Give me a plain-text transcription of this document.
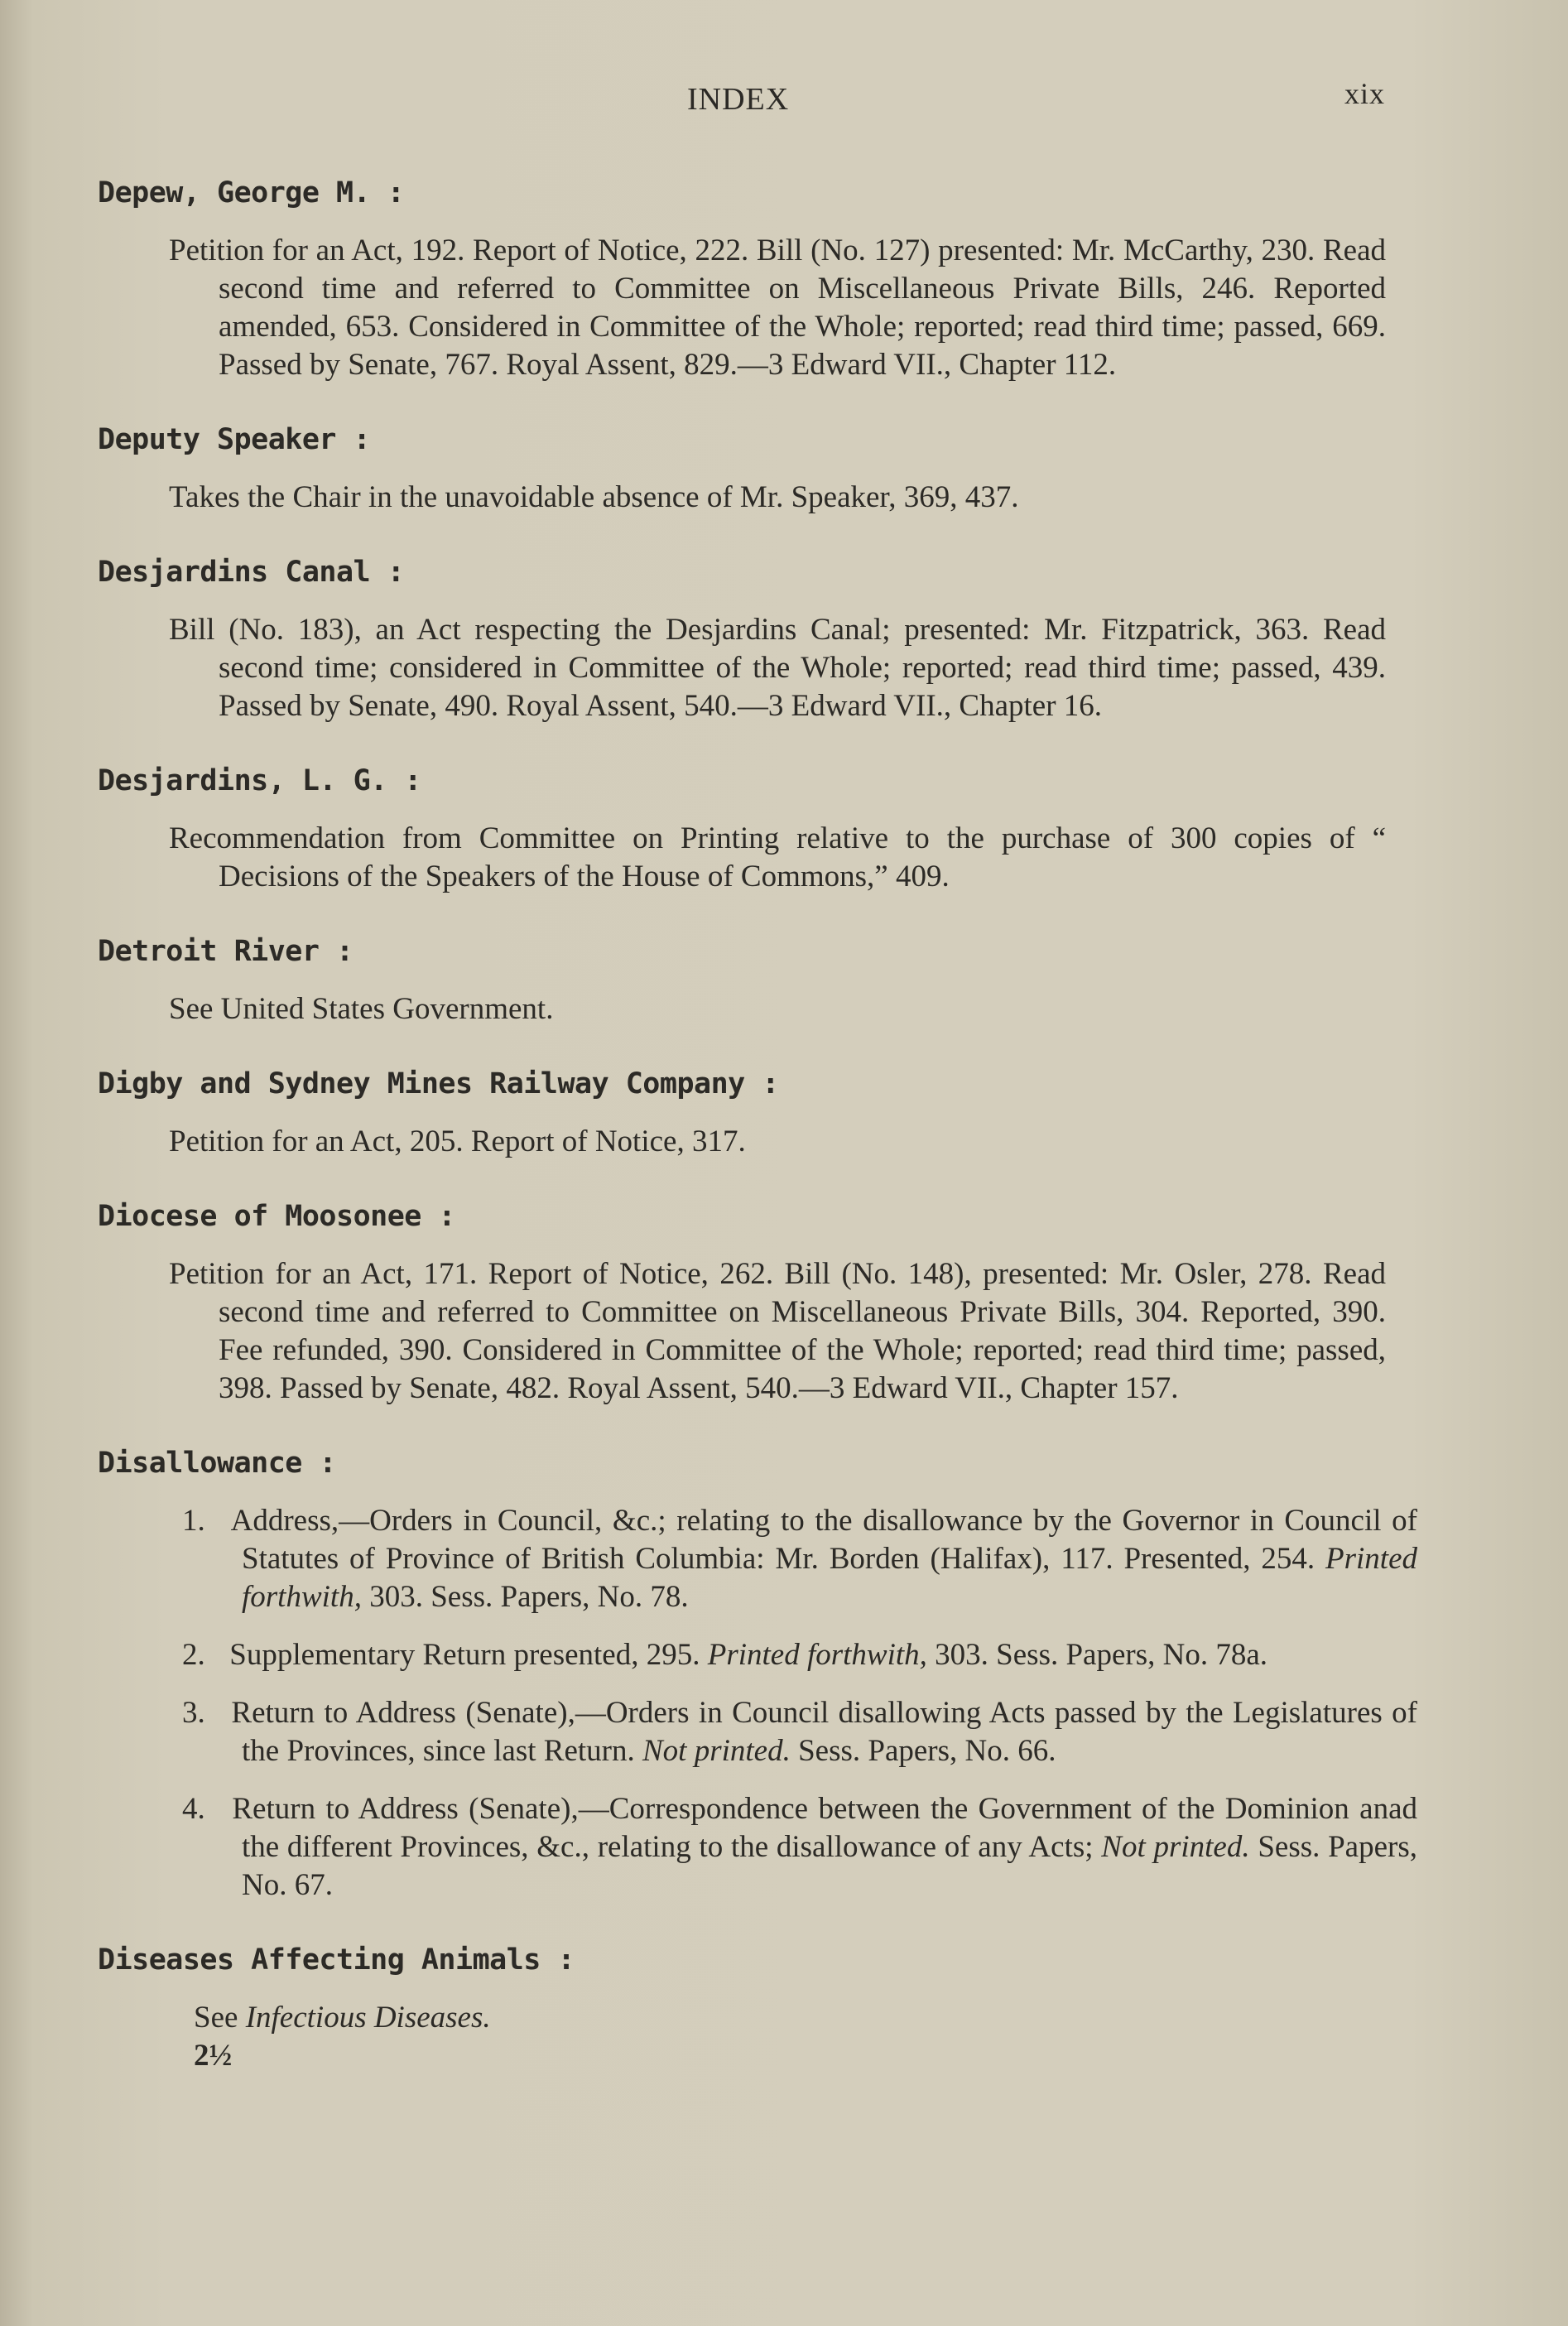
INDEX	xix
Depew, George M. :
Petition for an Act, 192. Report of Notice, 222. Bill (No. 127) presented: Mr. McCarthy, 230. Read second time and referred to Committee on Miscellaneous Private Bills, 246. Reported amended, 653. Considered in Committee of the Whole; reported; read third time; passed, 669. Passed by Senate, 767. Royal Assent, 829.—3 Edward VII., Chapter 112.
Deputy Speaker :
Takes the Chair in the unavoidable absence of Mr. Speaker, 369, 437.
Desjardins Canal :
Bill (No. 183), an Act respecting the Desjardins Canal; presented: Mr. Fitzpatrick, 363. Read second time; considered in Committee of the Whole; reported; read third time; passed, 439. Passed by Senate, 490. Royal Assent, 540.—3 Edward VII., Chapter 16.
Desjardins, L. G. :
Recommendation from Committee on Printing relative to the purchase of 300 copies of “ Decisions of the Speakers of the House of Commons,” 409.
Detroit River :
See United States Government.
Digby and Sydney Mines Railway Company :
Petition for an Act, 205. Report of Notice, 317.
Diocese of Moosonee :
Petition for an Act, 171. Report of Notice, 262. Bill (No. 148), presented: Mr. Osler, 278. Read second time and referred to Committee on Miscellaneous Private Bills, 304. Reported, 390. Fee refunded, 390. Considered in Committee of the Whole; reported; read third time; passed, 398. Passed by Senate, 482. Royal Assent, 540.—3 Edward VII., Chapter 157.
Disallowance :
1. Address,—Orders in Council, &c.; relating to the disallowance by the Governor in Council of Statutes of Province of British Columbia: Mr. Borden (Halifax), 117. Presented, 254. Printed forthwith, 303. Sess. Papers, No. 78.
2. Supplementary Return presented, 295. Printed forthwith, 303. Sess. Papers, No. 78a.
3. Return to Address (Senate),—Orders in Council disallowing Acts passed by the Legislatures of the Provinces, since last Return. Not printed. Sess. Papers, No. 66.
4. Return to Address (Senate),—Correspondence between the Government of the Dominion anad the different Provinces, &c., relating to the disallowance of any Acts; Not printed. Sess. Papers, No. 67.
Diseases Affecting Animals :
See Infectious Diseases.
2½
